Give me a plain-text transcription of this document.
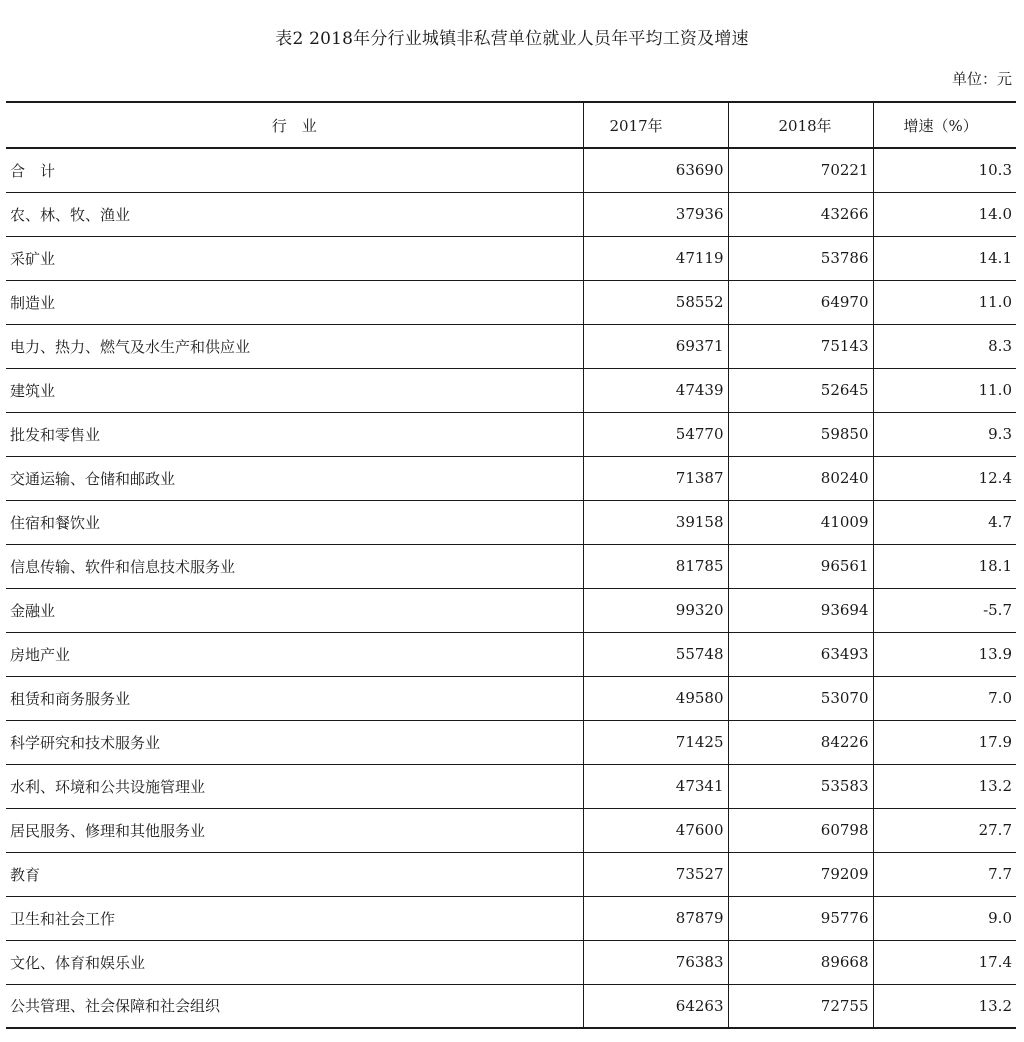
表2 2018年分行业城镇非私营单位就业人员年平均工资及增速
单位：元
行　业	2017年	2018年	增速（%）
合　计	63690	70221	10.3
农、林、牧、渔业	37936	43266	14.0
采矿业	47119	53786	14.1
制造业	58552	64970	11.0
电力、热力、燃气及水生产和供应业	69371	75143	8.3
建筑业	47439	52645	11.0
批发和零售业	54770	59850	9.3
交通运输、仓储和邮政业	71387	80240	12.4
住宿和餐饮业	39158	41009	4.7
信息传输、软件和信息技术服务业	81785	96561	18.1
金融业	99320	93694	-5.7
房地产业	55748	63493	13.9
租赁和商务服务业	49580	53070	7.0
科学研究和技术服务业	71425	84226	17.9
水利、环境和公共设施管理业	47341	53583	13.2
居民服务、修理和其他服务业	47600	60798	27.7
教育	73527	79209	7.7
卫生和社会工作	87879	95776	9.0
文化、体育和娱乐业	76383	89668	17.4
公共管理、社会保障和社会组织	64263	72755	13.2
